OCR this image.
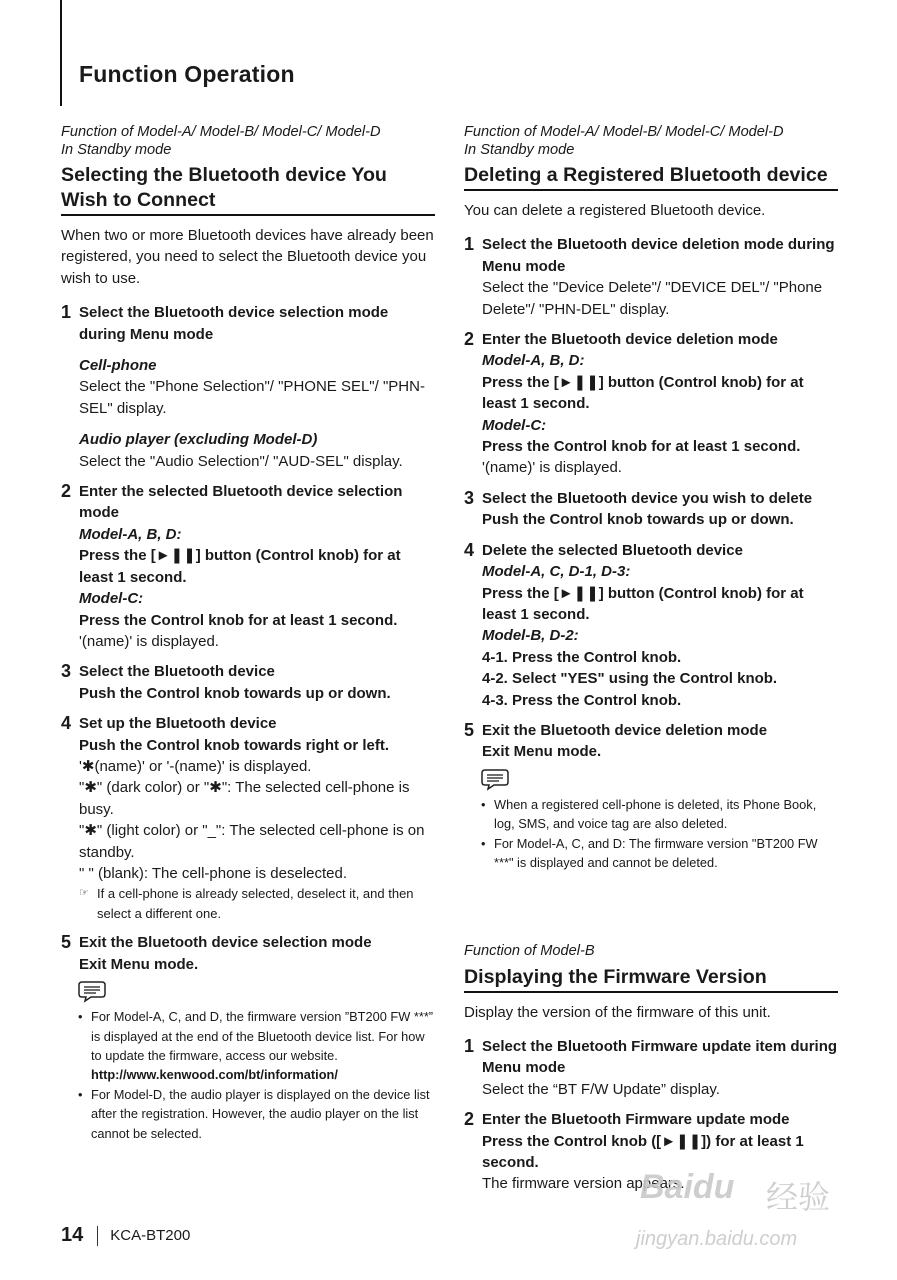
Function Operation
Function of Model-A/ Model-B/ Model-C/ Model-D
In Standby mode
Selecting the Bluetooth device You Wish to Connect

When two or more Bluetooth devices have already been registered, you need to select the Bluetooth device you wish to use.

1 Select the Bluetooth device selection mode during Menu mode
Cell-phone
Select the "Phone Selection"/ "PHONE SEL"/ "PHN-SEL" display.
Audio player (excluding Model-D)
Select the "Audio Selection"/ "AUD-SEL" display.
2 Enter the selected Bluetooth device selection mode
Model-A, B, D:
Press the [►❚❚] button (Control knob) for at least 1 second.
Model-C:
Press the Control knob for at least 1 second.
'(name)' is displayed.
3 Select the Bluetooth device
Push the Control knob towards up or down.
4 Set up the Bluetooth device
Push the Control knob towards right or left.
'✱(name)' or '-(name)' is displayed.
"✱" (dark color) or "✱": The selected cell-phone is busy.
"✱" (light color) or "_": The selected cell-phone is on standby.
" " (blank): The cell-phone is deselected.
☞ If a cell-phone is already selected, deselect it, and then select a different one.
5 Exit the Bluetooth device selection mode
Exit Menu mode.
• For Model-A, C, and D, the firmware version ”BT200 FW ***” is displayed at the end of the Bluetooth device list. For how to update the firmware, access our website.
http://www.kenwood.com/bt/information/
• For Model-D, the audio player is displayed on the device list after the registration. However, the audio player on the list cannot be selected.
Function of Model-A/ Model-B/ Model-C/ Model-D
In Standby mode
Deleting a Registered Bluetooth device

You can delete a registered Bluetooth device.

1 Select the Bluetooth device deletion mode during Menu mode
Select the "Device Delete"/ "DEVICE DEL"/ "Phone Delete"/ "PHN-DEL" display.
2 Enter the Bluetooth device deletion mode
Model-A, B, D:
Press the [►❚❚] button (Control knob) for at least 1 second.
Model-C:
Press the Control knob for at least 1 second.
'(name)' is displayed.
3 Select the Bluetooth device you wish to delete
Push the Control knob towards up or down.
4 Delete the selected Bluetooth device
Model-A, C, D-1, D-3:
Press the [►❚❚] button (Control knob) for at least 1 second.
Model-B, D-2:
4-1. Press the Control knob.
4-2. Select "YES" using the Control knob.
4-3. Press the Control knob.
5 Exit the Bluetooth device deletion mode
Exit Menu mode.
• When a registered cell-phone is deleted, its Phone Book, log, SMS, and voice tag are also deleted.
• For Model-A, C, and D: The firmware version "BT200 FW ***" is displayed and cannot be deleted.
Function of Model-B
Displaying the Firmware Version

Display the version of the firmware of this unit.

1 Select the Bluetooth Firmware update item during Menu mode
Select the “BT F/W Update” display.
2 Enter the Bluetooth Firmware update mode
Press the Control knob ([►❚❚]) for at least 1 second.
The firmware version appears.
14 KCA-BT200
Baidu 经验
jingyan.baidu.com
